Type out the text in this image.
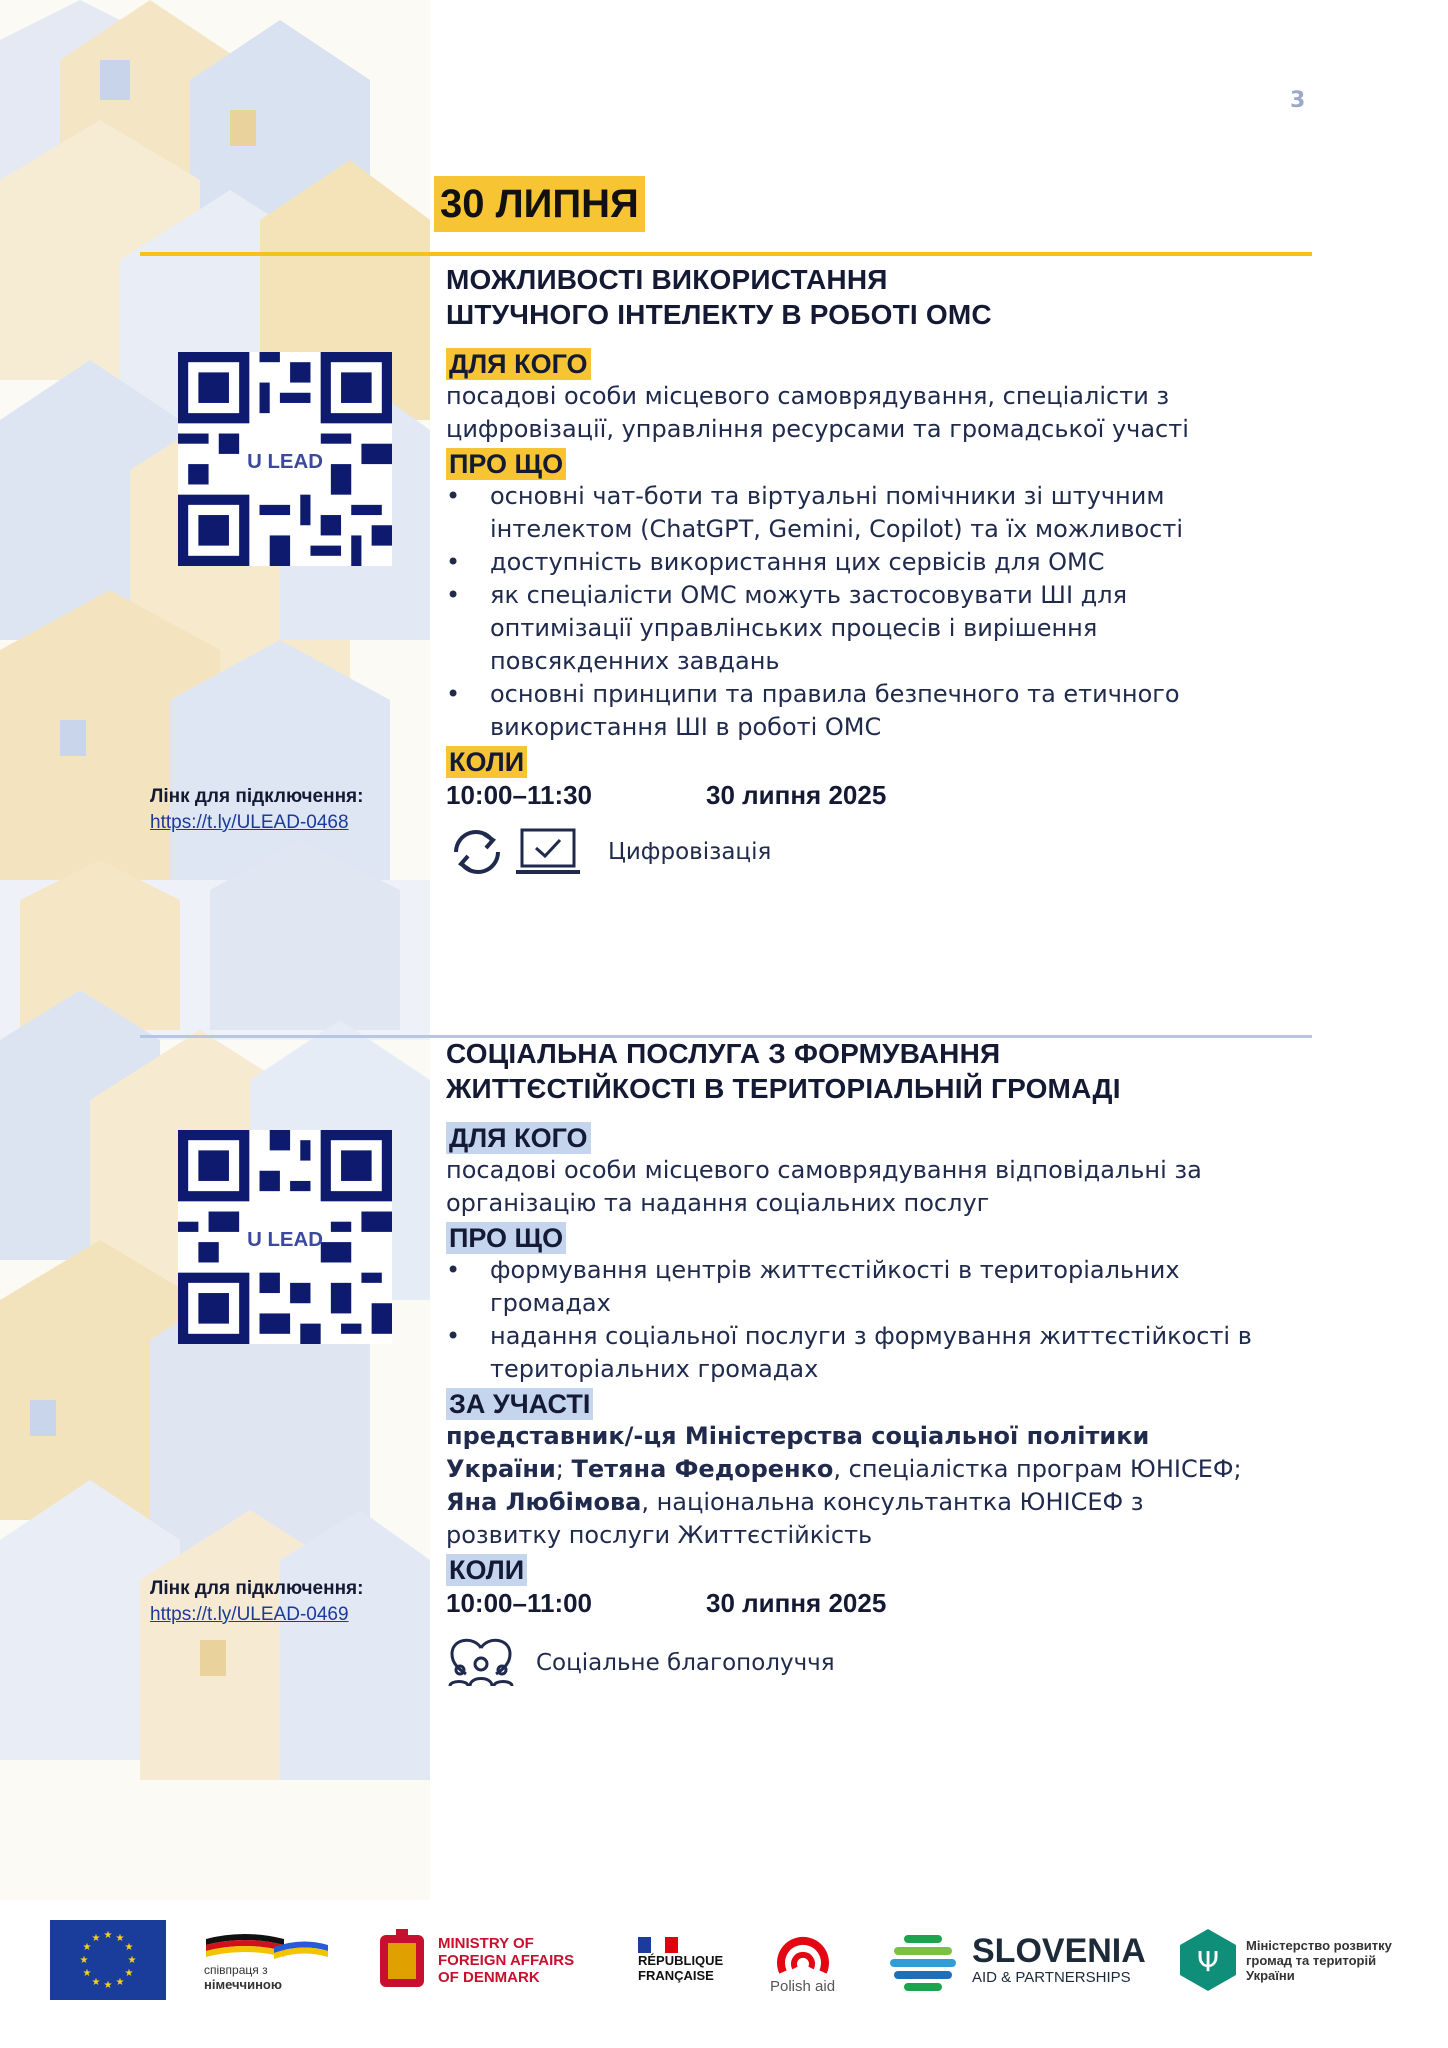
3
30 ЛИПНЯ
МОЖЛИВОСТІ ВИКОРИСТАННЯ
ШТУЧНОГО ІНТЕЛЕКТУ В РОБОТІ ОМС
ДЛЯ КОГО
посадові особи місцевого самоврядування, спеціалісти з
цифровізації, управління ресурсами та громадської участі
ПРО ЩО
• основні чат-боти та віртуальні помічники зі штучним інтелектом (ChatGPT, Gemini, Copilot) та їх можливості
• доступність використання цих сервісів для ОМС
• як спеціалісти ОМС можуть застосовувати ШІ для оптимізації управлінських процесів і вирішення повсякденних завдань
• основні принципи та правила безпечного та етичного використання ШІ в роботі ОМС
КОЛИ
10:00–11:30	30 липня 2025
Цифровізація
U LEAD
Лінк для підключення:
https://t.ly/ULEAD-0468
СОЦІАЛЬНА ПОСЛУГА З ФОРМУВАННЯ
ЖИТТЄСТІЙКОСТІ В ТЕРИТОРІАЛЬНІЙ ГРОМАДІ
ДЛЯ КОГО
посадові особи місцевого самоврядування відповідальні за
організацію та надання соціальних послуг
ПРО ЩО
• формування центрів життєстійкості в територіальних громадах
• надання соціальної послуги з формування життєстійкості в територіальних громадах
ЗА УЧАСТІ
представник/-ця Міністерства соціальної політики України; Тетяна Федоренко, спеціалістка програм ЮНІСЕФ; Яна Любімова, національна консультантка ЮНІСЕФ з розвитку послуги Життєстійкість
КОЛИ
10:00–11:00	30 липня 2025
Соціальне благополуччя
U LEAD
Лінк для підключення:
https://t.ly/ULEAD-0469
★ ★
★
★
★
★
★
★
★
★
★
★
співпраця з
німеччиною
MINISTRY OF
FOREIGN AFFAIRS
OF DENMARK
RÉPUBLIQUE
FRANÇAISE
Polish aid
SLOVENIA
AID & PARTNERSHIPS	Ψ Міністерство розвитку
громад та територій
України
